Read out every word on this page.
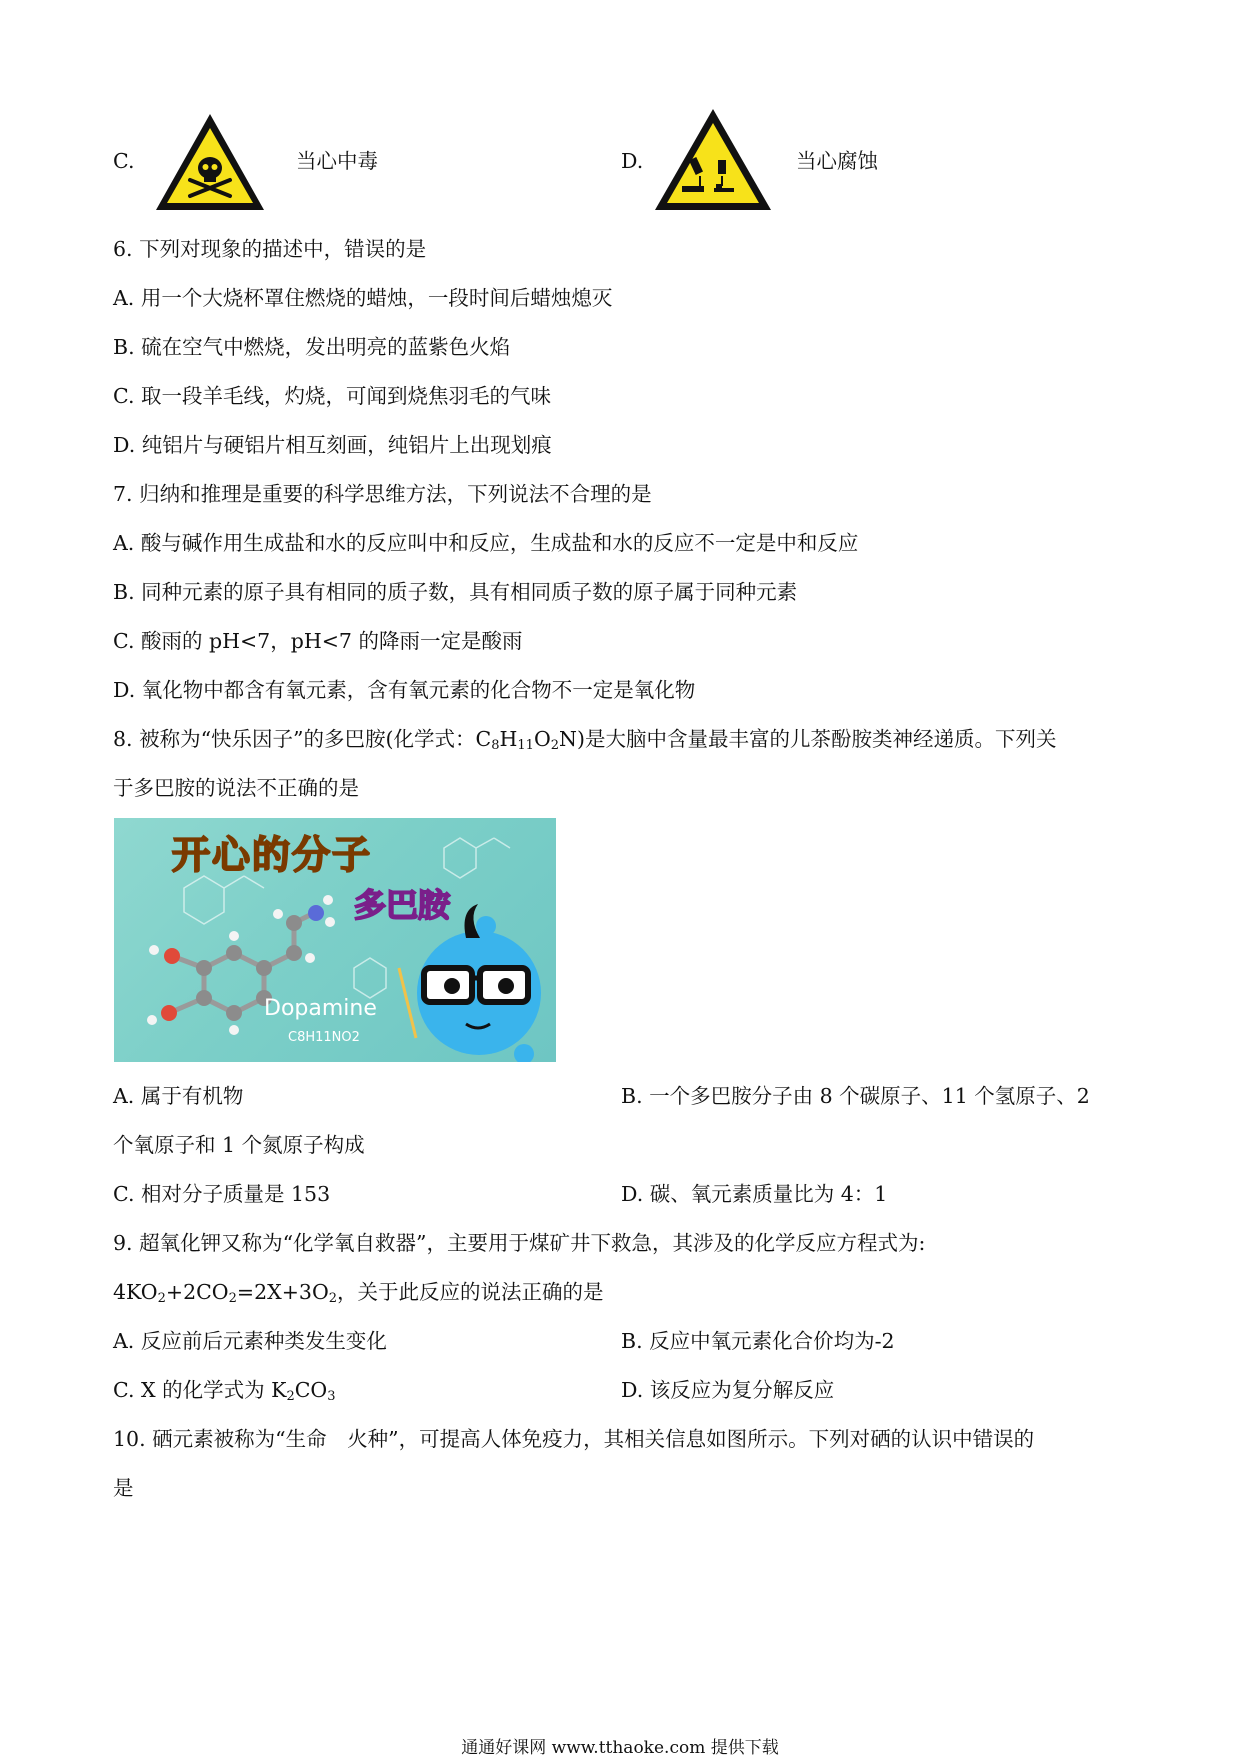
C.	当心中毒	D.	当心腐蚀
6. 下列对现象的描述中，错误的是
A. 用一个大烧杯罩住燃烧的蜡烛，一段时间后蜡烛熄灭
B. 硫在空气中燃烧，发出明亮的蓝紫色火焰
C. 取一段羊毛线，灼烧，可闻到烧焦羽毛的气味
D. 纯铝片与硬铝片相互刻画，纯铝片上出现划痕
7. 归纳和推理是重要的科学思维方法，下列说法不合理的是
A. 酸与碱作用生成盐和水的反应叫中和反应，生成盐和水的反应不一定是中和反应
B. 同种元素的原子具有相同的质子数，具有相同质子数的原子属于同种元素
C. 酸雨的 pH<7，pH<7 的降雨一定是酸雨
D. 氧化物中都含有氧元素，含有氧元素的化合物不一定是氧化物
8. 被称为“快乐因子”的多巴胺(化学式：$C_8H_{11}O_2N$)是大脑中含量最丰富的儿茶酚胺类神经递质。下列关
于多巴胺的说法不正确的是
开心的分子
多巴胺
Dopamine
C8H11NO2
A. 属于有机物	B. 一个多巴胺分子由 8 个碳原子、11 个氢原子、2
个氧原子和 1 个氮原子构成
C. 相对分子质量是 153	D. 碳、氧元素质量比为 4：1
9. 超氧化钾又称为“化学氧自救器”，主要用于煤矿井下救急，其涉及的化学反应方程式为:
$4KO_2+2CO_2=2X+3O_2$，关于此反应的说法正确的是
A. 反应前后元素种类发生变化	B. 反应中氧元素化合价均为-2
C. X 的化学式为 $K_2CO_3$	D. 该反应为复分解反应
10. 硒元素被称为“生命　火种”，可提高人体免疫力，其相关信息如图所示。下列对硒的认识中错误的
是
通通好课网 www.tthaoke.com 提供下载
